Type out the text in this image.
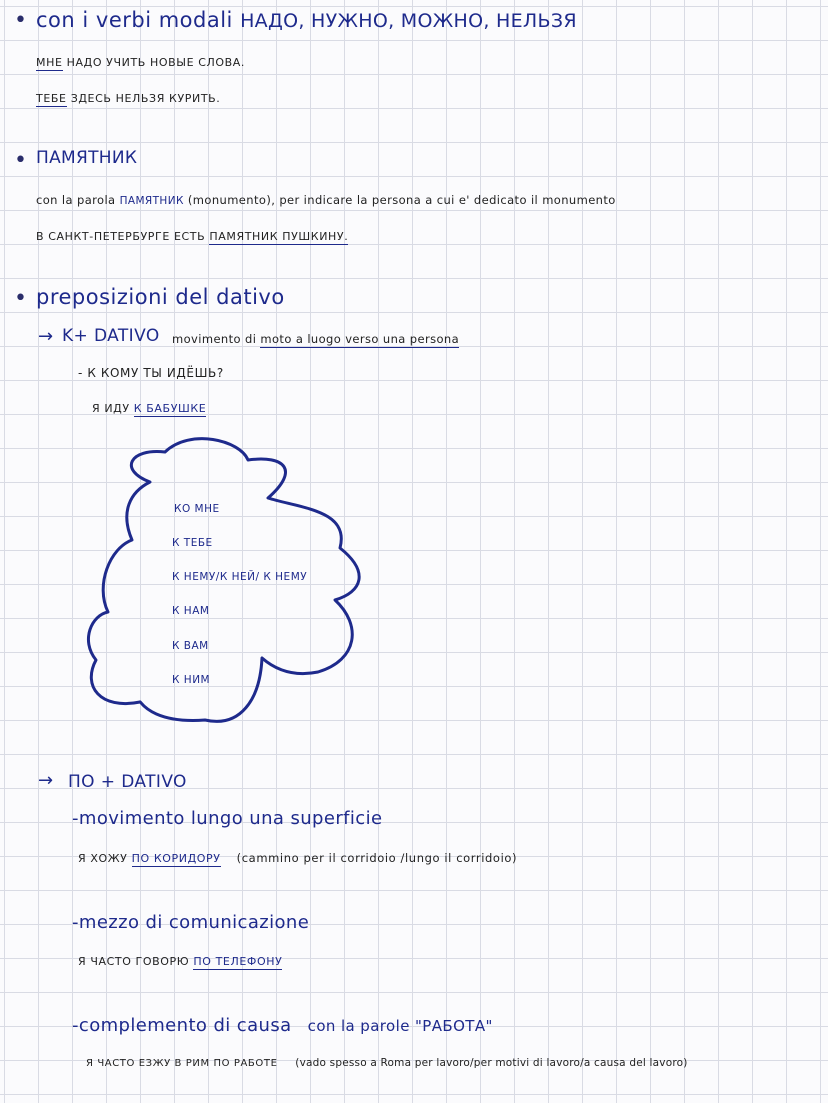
• con i verbi modali НАДО, НУЖНО, МОЖНО, НЕЛЬЗЯ
МНЕ НАДО УЧИТЬ НОВЫЕ СЛОВА.
ТЕБЕ ЗДЕСЬ НЕЛЬЗЯ КУРИТЬ.
• ПАМЯТНИК
con la parola ПАМЯТНИК (monumento), per indicare la persona a cui e' dedicato il monumento
В САНКТ-ПЕТЕРБУРГЕ ЕСТЬ ПАМЯТНИК ПУШКИНУ.
• preposizioni del dativo
→ K+ DATIVO movimento di moto a luogo verso una persona
- К КОМУ ТЫ ИДЁШЬ?
Я ИДУ К БАБУШКЕ
КО МНЕ
К ТЕБЕ
К НЕМУ/К НЕЙ/ К НЕМУ
К НАМ
К ВАМ
К НИМ
→ ПО + DATIVO
-movimento lungo una superficie
Я ХОЖУ ПО КОРИДОРУ (cammino per il corridoio /lungo il corridoio)
-mezzo di comunicazione
Я ЧАСТО ГОВОРЮ ПО ТЕЛЕФОНУ
-complemento di causa con la parole "РАБОТА"
Я ЧАСТО ЕЗЖУ В РИМ ПО РАБОТЕ (vado spesso a Roma per lavoro/per motivi di lavoro/a causa del lavoro)
